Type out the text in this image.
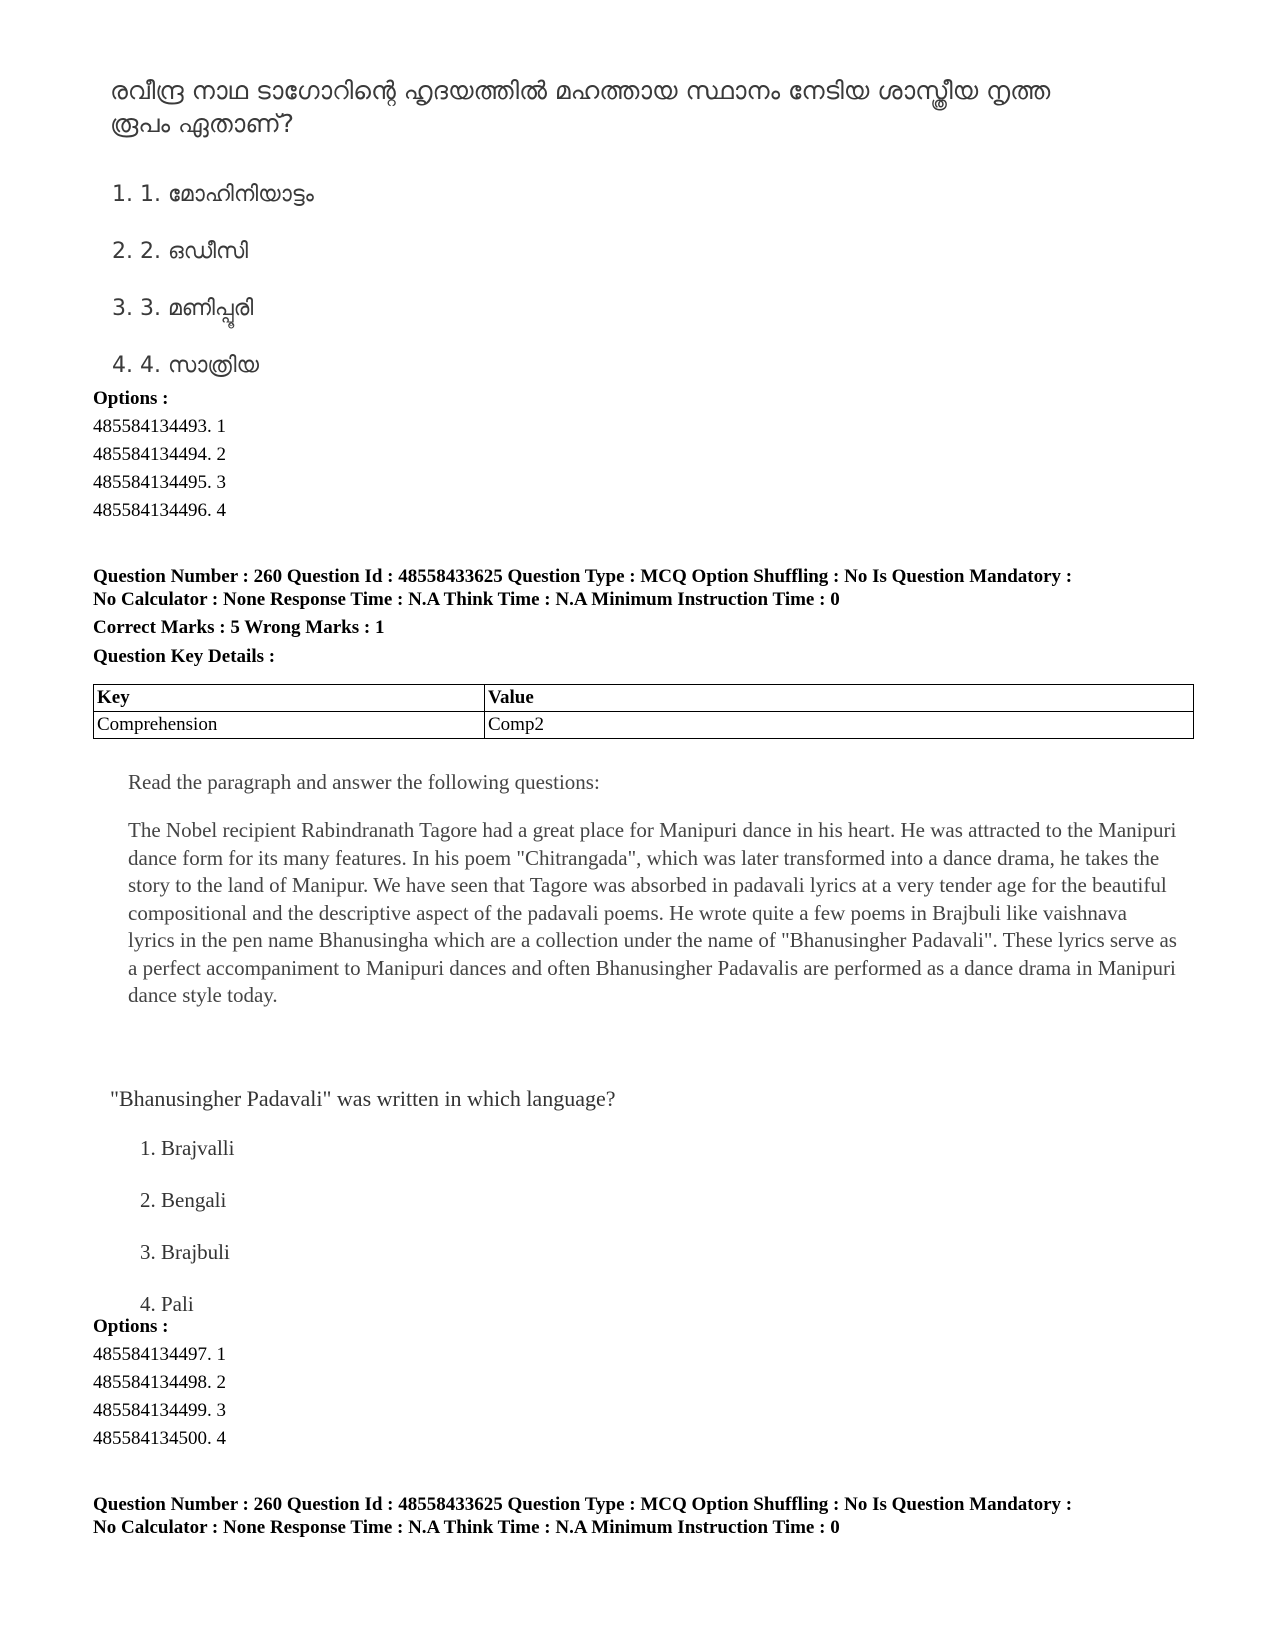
രവീന്ദ്ര നാഥ ടാഗോറിന്റെ ഹൃദയത്തിൽ മഹത്തായ സ്ഥാനം നേടിയ ശാസ്ത്രീയ നൃത്ത രൂപം ഏതാണ്?
1. 1. മോഹിനിയാട്ടം
2. 2. ഒഡീസി
3. 3. മണിപ്പൂരി
4. 4. സാത്രിയ
Options :
485584134493. 1
485584134494. 2
485584134495. 3
485584134496. 4
Question Number : 260 Question Id : 48558433625 Question Type : MCQ Option Shuffling : No Is Question Mandatory :
No Calculator : None Response Time : N.A Think Time : N.A Minimum Instruction Time : 0
Correct Marks : 5 Wrong Marks : 1
Question Key Details :
Key	Value
Comprehension	Comp2

Read the paragraph and answer the following questions:

The Nobel recipient Rabindranath Tagore had a great place for Manipuri dance in his heart. He was attracted to the Manipuri dance form for its many features. In his poem "Chitrangada", which was later transformed into a dance drama, he takes the story to the land of Manipur. We have seen that Tagore was absorbed in padavali lyrics at a very tender age for the beautiful compositional and the descriptive aspect of the padavali poems. He wrote quite a few poems in Brajbuli like vaishnava lyrics in the pen name Bhanusingha which are a collection under the name of "Bhanusingher Padavali". These lyrics serve as a perfect accompaniment to Manipuri dances and often Bhanusingher Padavalis are performed as a dance drama in Manipuri dance style today.

"Bhanusingher Padavali" was written in which language?
1. Brajvalli
2. Bengali
3. Brajbuli
4. Pali
Options :
485584134497. 1
485584134498. 2
485584134499. 3
485584134500. 4
Question Number : 260 Question Id : 48558433625 Question Type : MCQ Option Shuffling : No Is Question Mandatory :
No Calculator : None Response Time : N.A Think Time : N.A Minimum Instruction Time : 0
